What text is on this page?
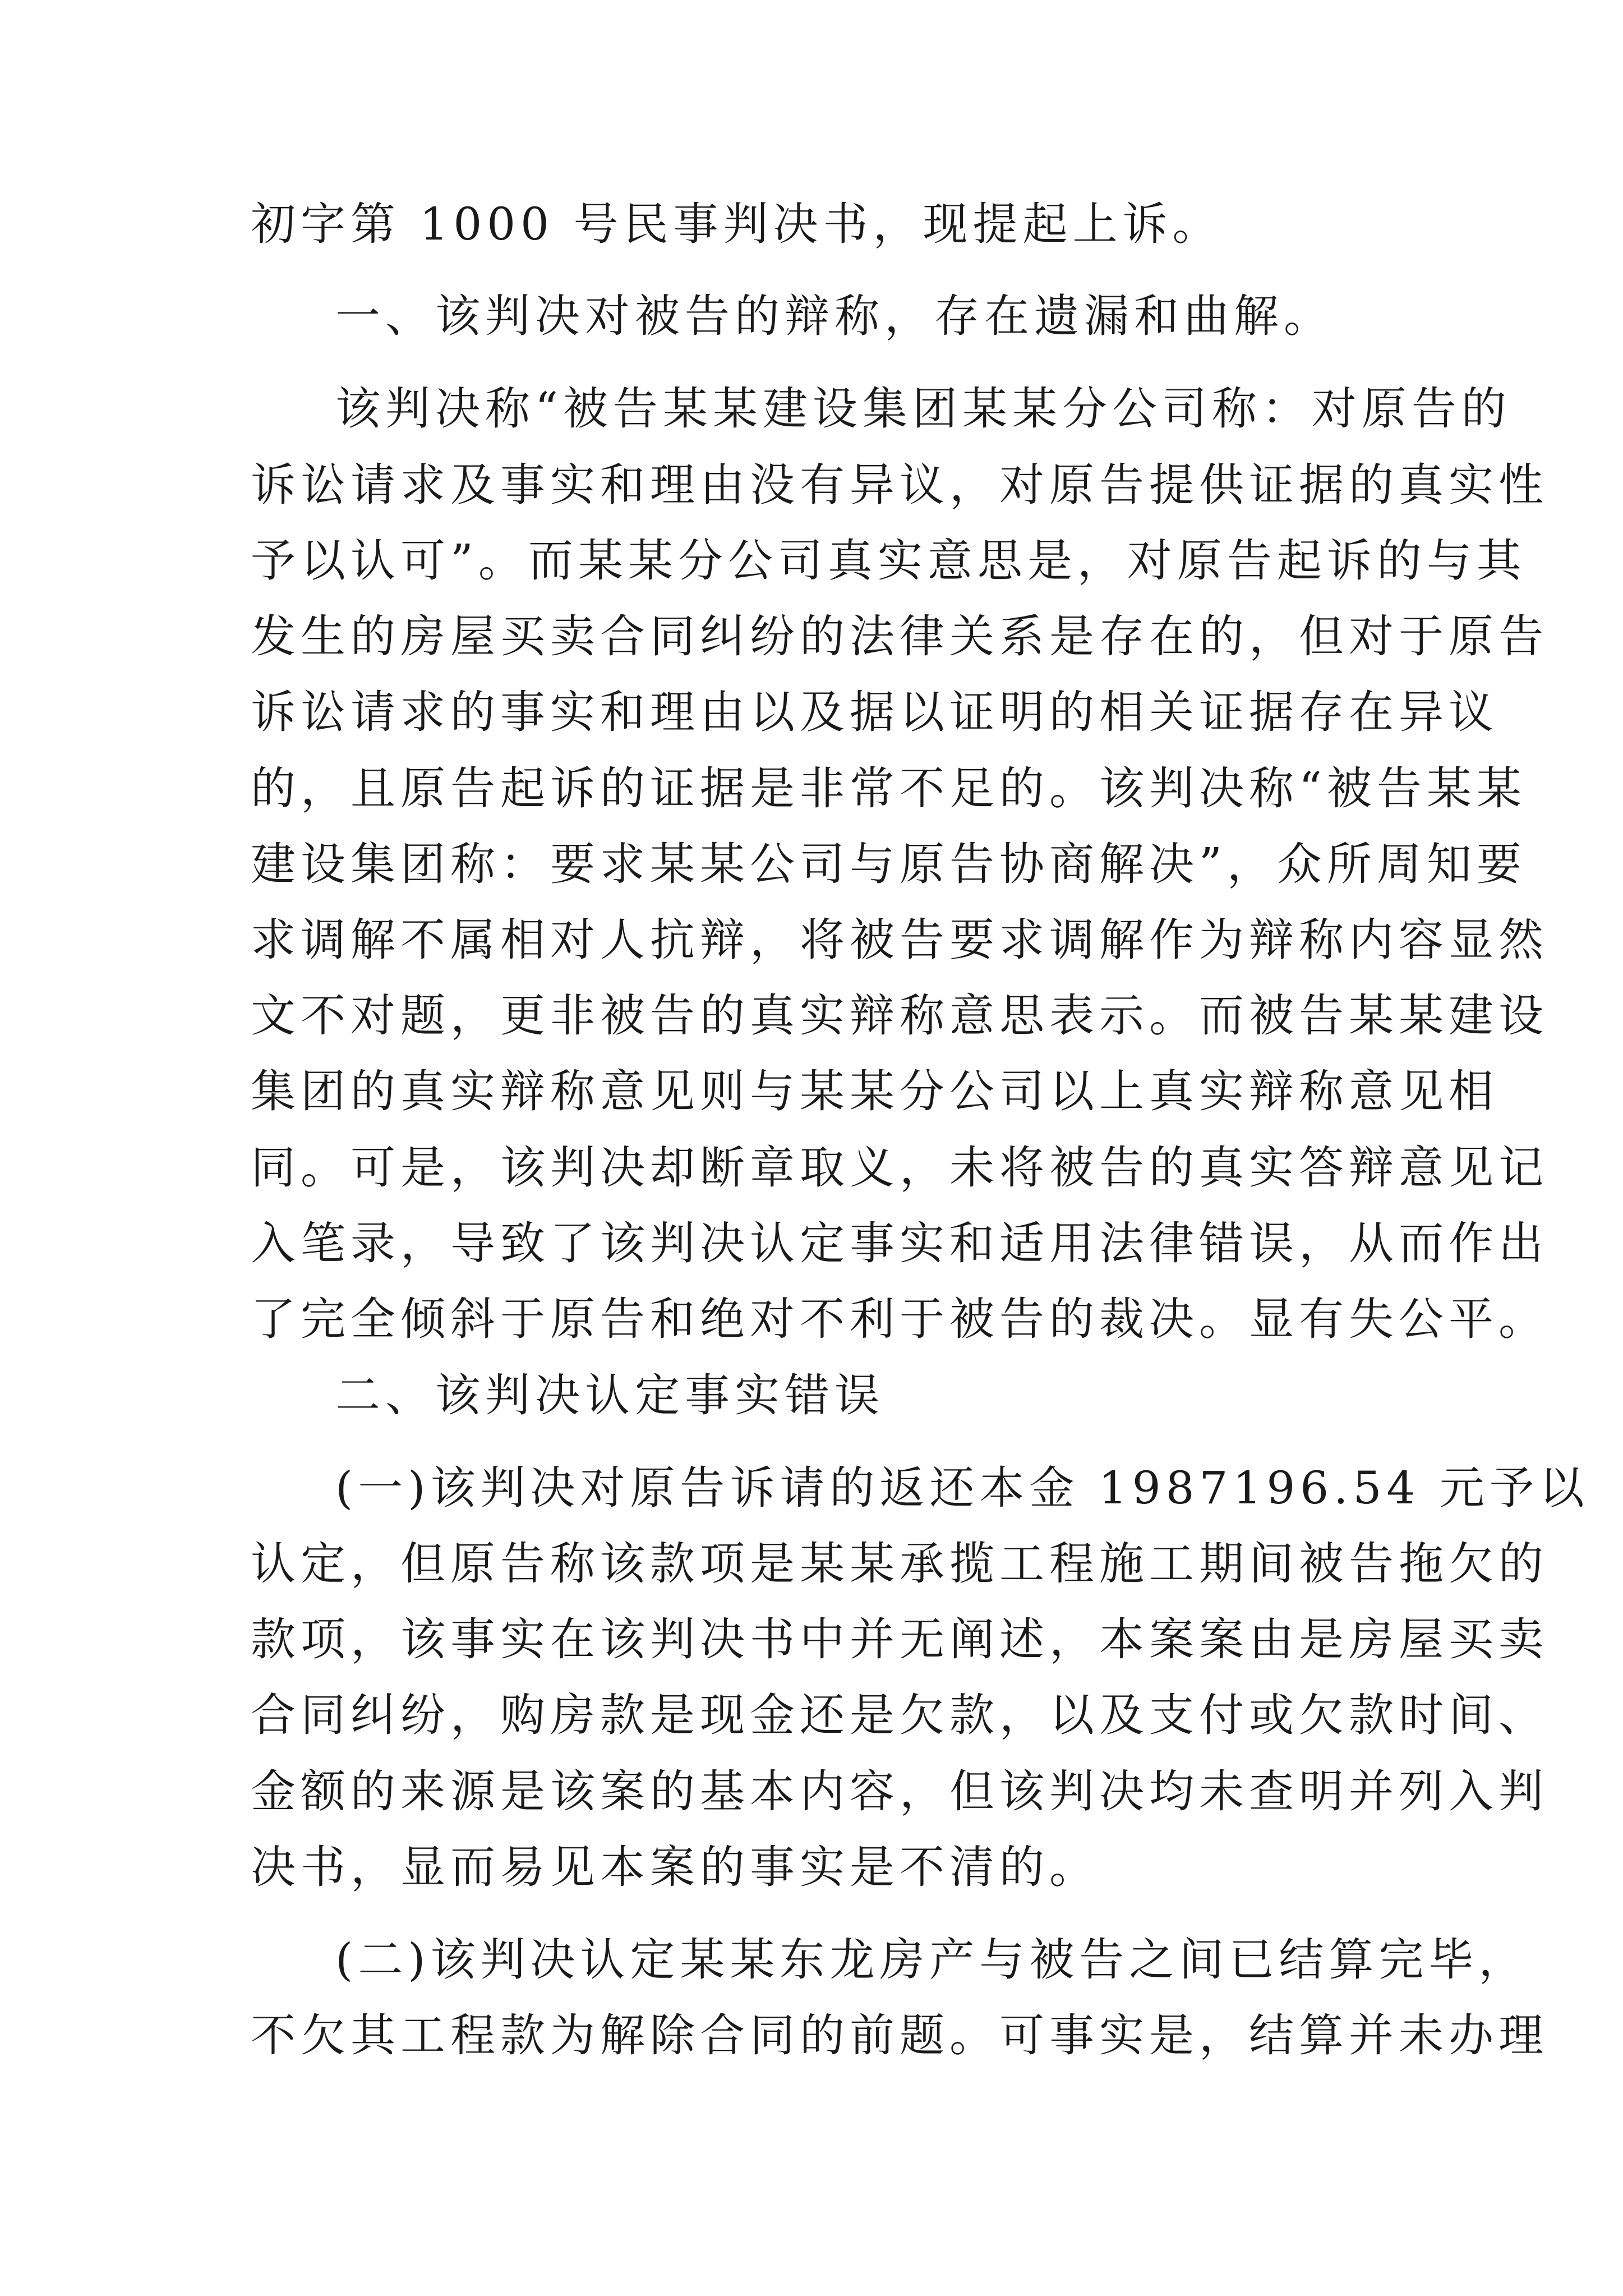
初字第 1000 号民事判决书，现提起上诉。
一、该判决对被告的辩称，存在遗漏和曲解。
该判决称“被告某某建设集团某某分公司称：对原告的
诉讼请求及事实和理由没有异议，对原告提供证据的真实性
予以认可”。而某某分公司真实意思是，对原告起诉的与其
发生的房屋买卖合同纠纷的法律关系是存在的，但对于原告
诉讼请求的事实和理由以及据以证明的相关证据存在异议
的，且原告起诉的证据是非常不足的。该判决称“被告某某
建设集团称：要求某某公司与原告协商解决”，众所周知要
求调解不属相对人抗辩，将被告要求调解作为辩称内容显然
文不对题，更非被告的真实辩称意思表示。而被告某某建设
集团的真实辩称意见则与某某分公司以上真实辩称意见相
同。可是，该判决却断章取义，未将被告的真实答辩意见记
入笔录，导致了该判决认定事实和适用法律错误，从而作出
了完全倾斜于原告和绝对不利于被告的裁决。显有失公平。
二、该判决认定事实错误
(一)该判决对原告诉请的返还本金 1987196.54 元予以
认定，但原告称该款项是某某承揽工程施工期间被告拖欠的
款项，该事实在该判决书中并无阐述，本案案由是房屋买卖
合同纠纷，购房款是现金还是欠款，以及支付或欠款时间、
金额的来源是该案的基本内容，但该判决均未查明并列入判
决书，显而易见本案的事实是不清的。
(二)该判决认定某某东龙房产与被告之间已结算完毕，
不欠其工程款为解除合同的前题。可事实是，结算并未办理
